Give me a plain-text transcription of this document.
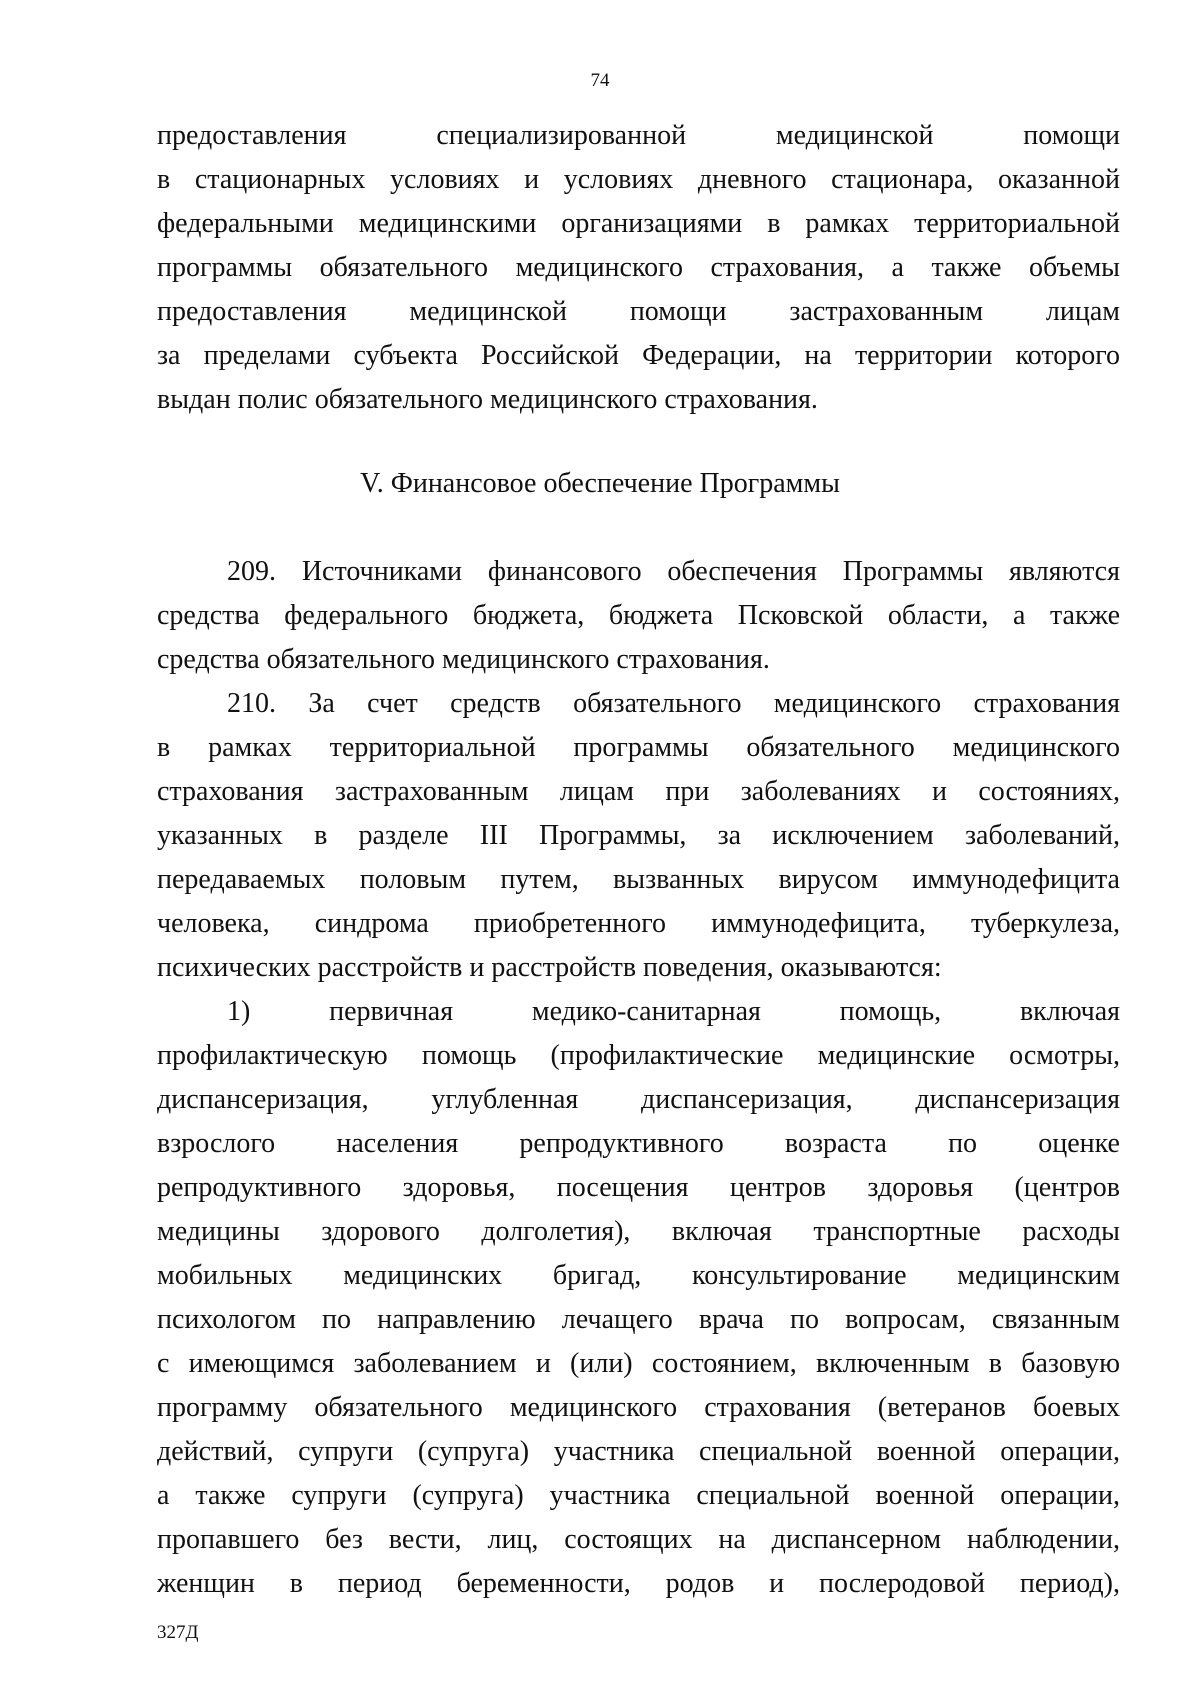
74
предоставления специализированной медицинской помощи
в стационарных условиях и условиях дневного стационара, оказанной
федеральными медицинскими организациями в рамках территориальной
программы обязательного медицинского страхования, а также объемы
предоставления медицинской помощи застрахованным лицам
за пределами субъекта Российской Федерации, на территории которого
выдан полис обязательного медицинского страхования.
V. Финансовое обеспечение Программы
209. Источниками финансового обеспечения Программы являются
средства федерального бюджета, бюджета Псковской области, а также
средства обязательного медицинского страхования.
210. За счет средств обязательного медицинского страхования
в рамках территориальной программы обязательного медицинского
страхования застрахованным лицам при заболеваниях и состояниях,
указанных в разделе III Программы, за исключением заболеваний,
передаваемых половым путем, вызванных вирусом иммунодефицита
человека, синдрома приобретенного иммунодефицита, туберкулеза,
психических расстройств и расстройств поведения, оказываются:
1) первичная медико-санитарная помощь, включая
профилактическую помощь (профилактические медицинские осмотры,
диспансеризация, углубленная диспансеризация, диспансеризация
взрослого населения репродуктивного возраста по оценке
репродуктивного здоровья, посещения центров здоровья (центров
медицины здорового долголетия), включая транспортные расходы
мобильных медицинских бригад, консультирование медицинским
психологом по направлению лечащего врача по вопросам, связанным
с имеющимся заболеванием и (или) состоянием, включенным в базовую
программу обязательного медицинского страхования (ветеранов боевых
действий, супруги (супруга) участника специальной военной операции,
а также супруги (супруга) участника специальной военной операции,
пропавшего без вести, лиц, состоящих на диспансерном наблюдении,
женщин в период беременности, родов и послеродовой период),
327Д
